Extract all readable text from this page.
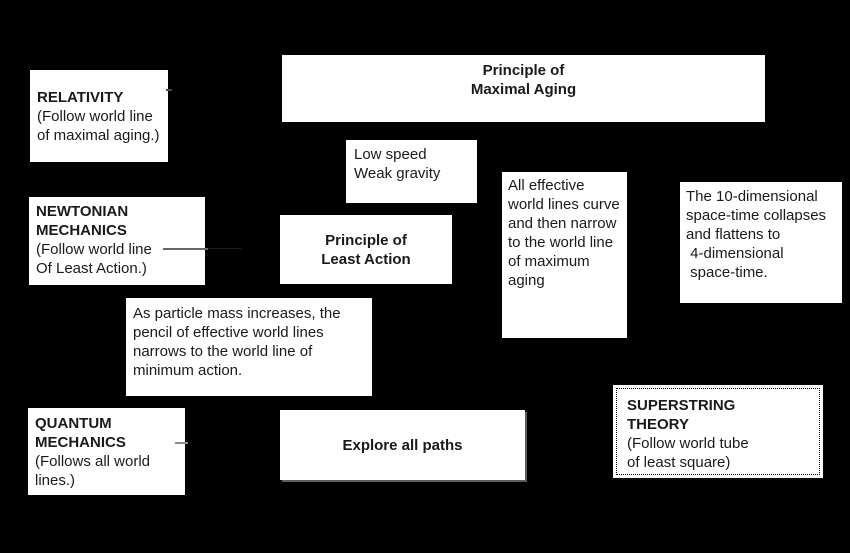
Principle of
Maximal Aging
RELATIVITY
(Follow world line
of maximal aging.)
Low speed
Weak gravity
All effective
world lines curve
and then narrow
to the world line
of maximum
aging
The 10-dimensional
space-time collapses
and flattens to
4-dimensional
space-time.
NEWTONIAN
MECHANICS
(Follow world line
Of Least Action.)
Principle of
Least Action
As particle mass increases, the
pencil of effective world lines
narrows to the world line of
minimum action.
SUPERSTRING
THEORY
(Follow world tube
of least square)
QUANTUM
MECHANICS
(Follows all world
lines.)
Explore all paths
